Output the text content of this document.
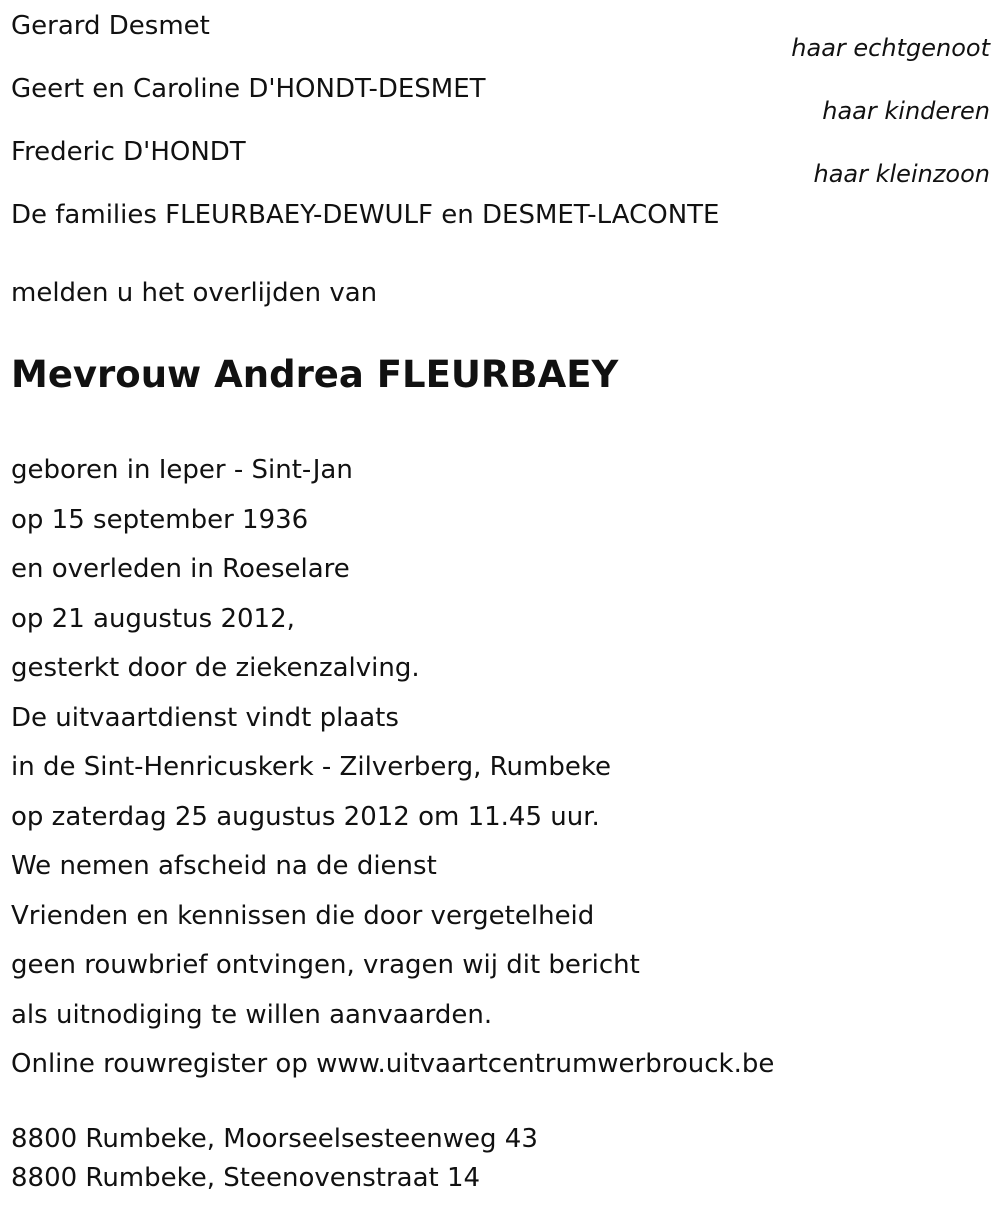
Gerard Desmet
haar echtgenoot
Geert en Caroline D'HONDT-DESMET
haar kinderen
Frederic D'HONDT
haar kleinzoon
De families FLEURBAEY-DEWULF en DESMET-LACONTE
melden u het overlijden van
Mevrouw Andrea FLEURBAEY
geboren in Ieper - Sint-Jan
op 15 september 1936
en overleden in Roeselare
op 21 augustus 2012,
gesterkt door de ziekenzalving.
De uitvaartdienst vindt plaats
in de Sint-Henricuskerk - Zilverberg, Rumbeke
op zaterdag 25 augustus 2012 om 11.45 uur.
We nemen afscheid na de dienst
Vrienden en kennissen die door vergetelheid
geen rouwbrief ontvingen, vragen wij dit bericht
als uitnodiging te willen aanvaarden.
Online rouwregister op www.uitvaartcentrumwerbrouck.be
8800 Rumbeke, Moorseelsesteenweg 43
8800 Rumbeke, Steenovenstraat 14
